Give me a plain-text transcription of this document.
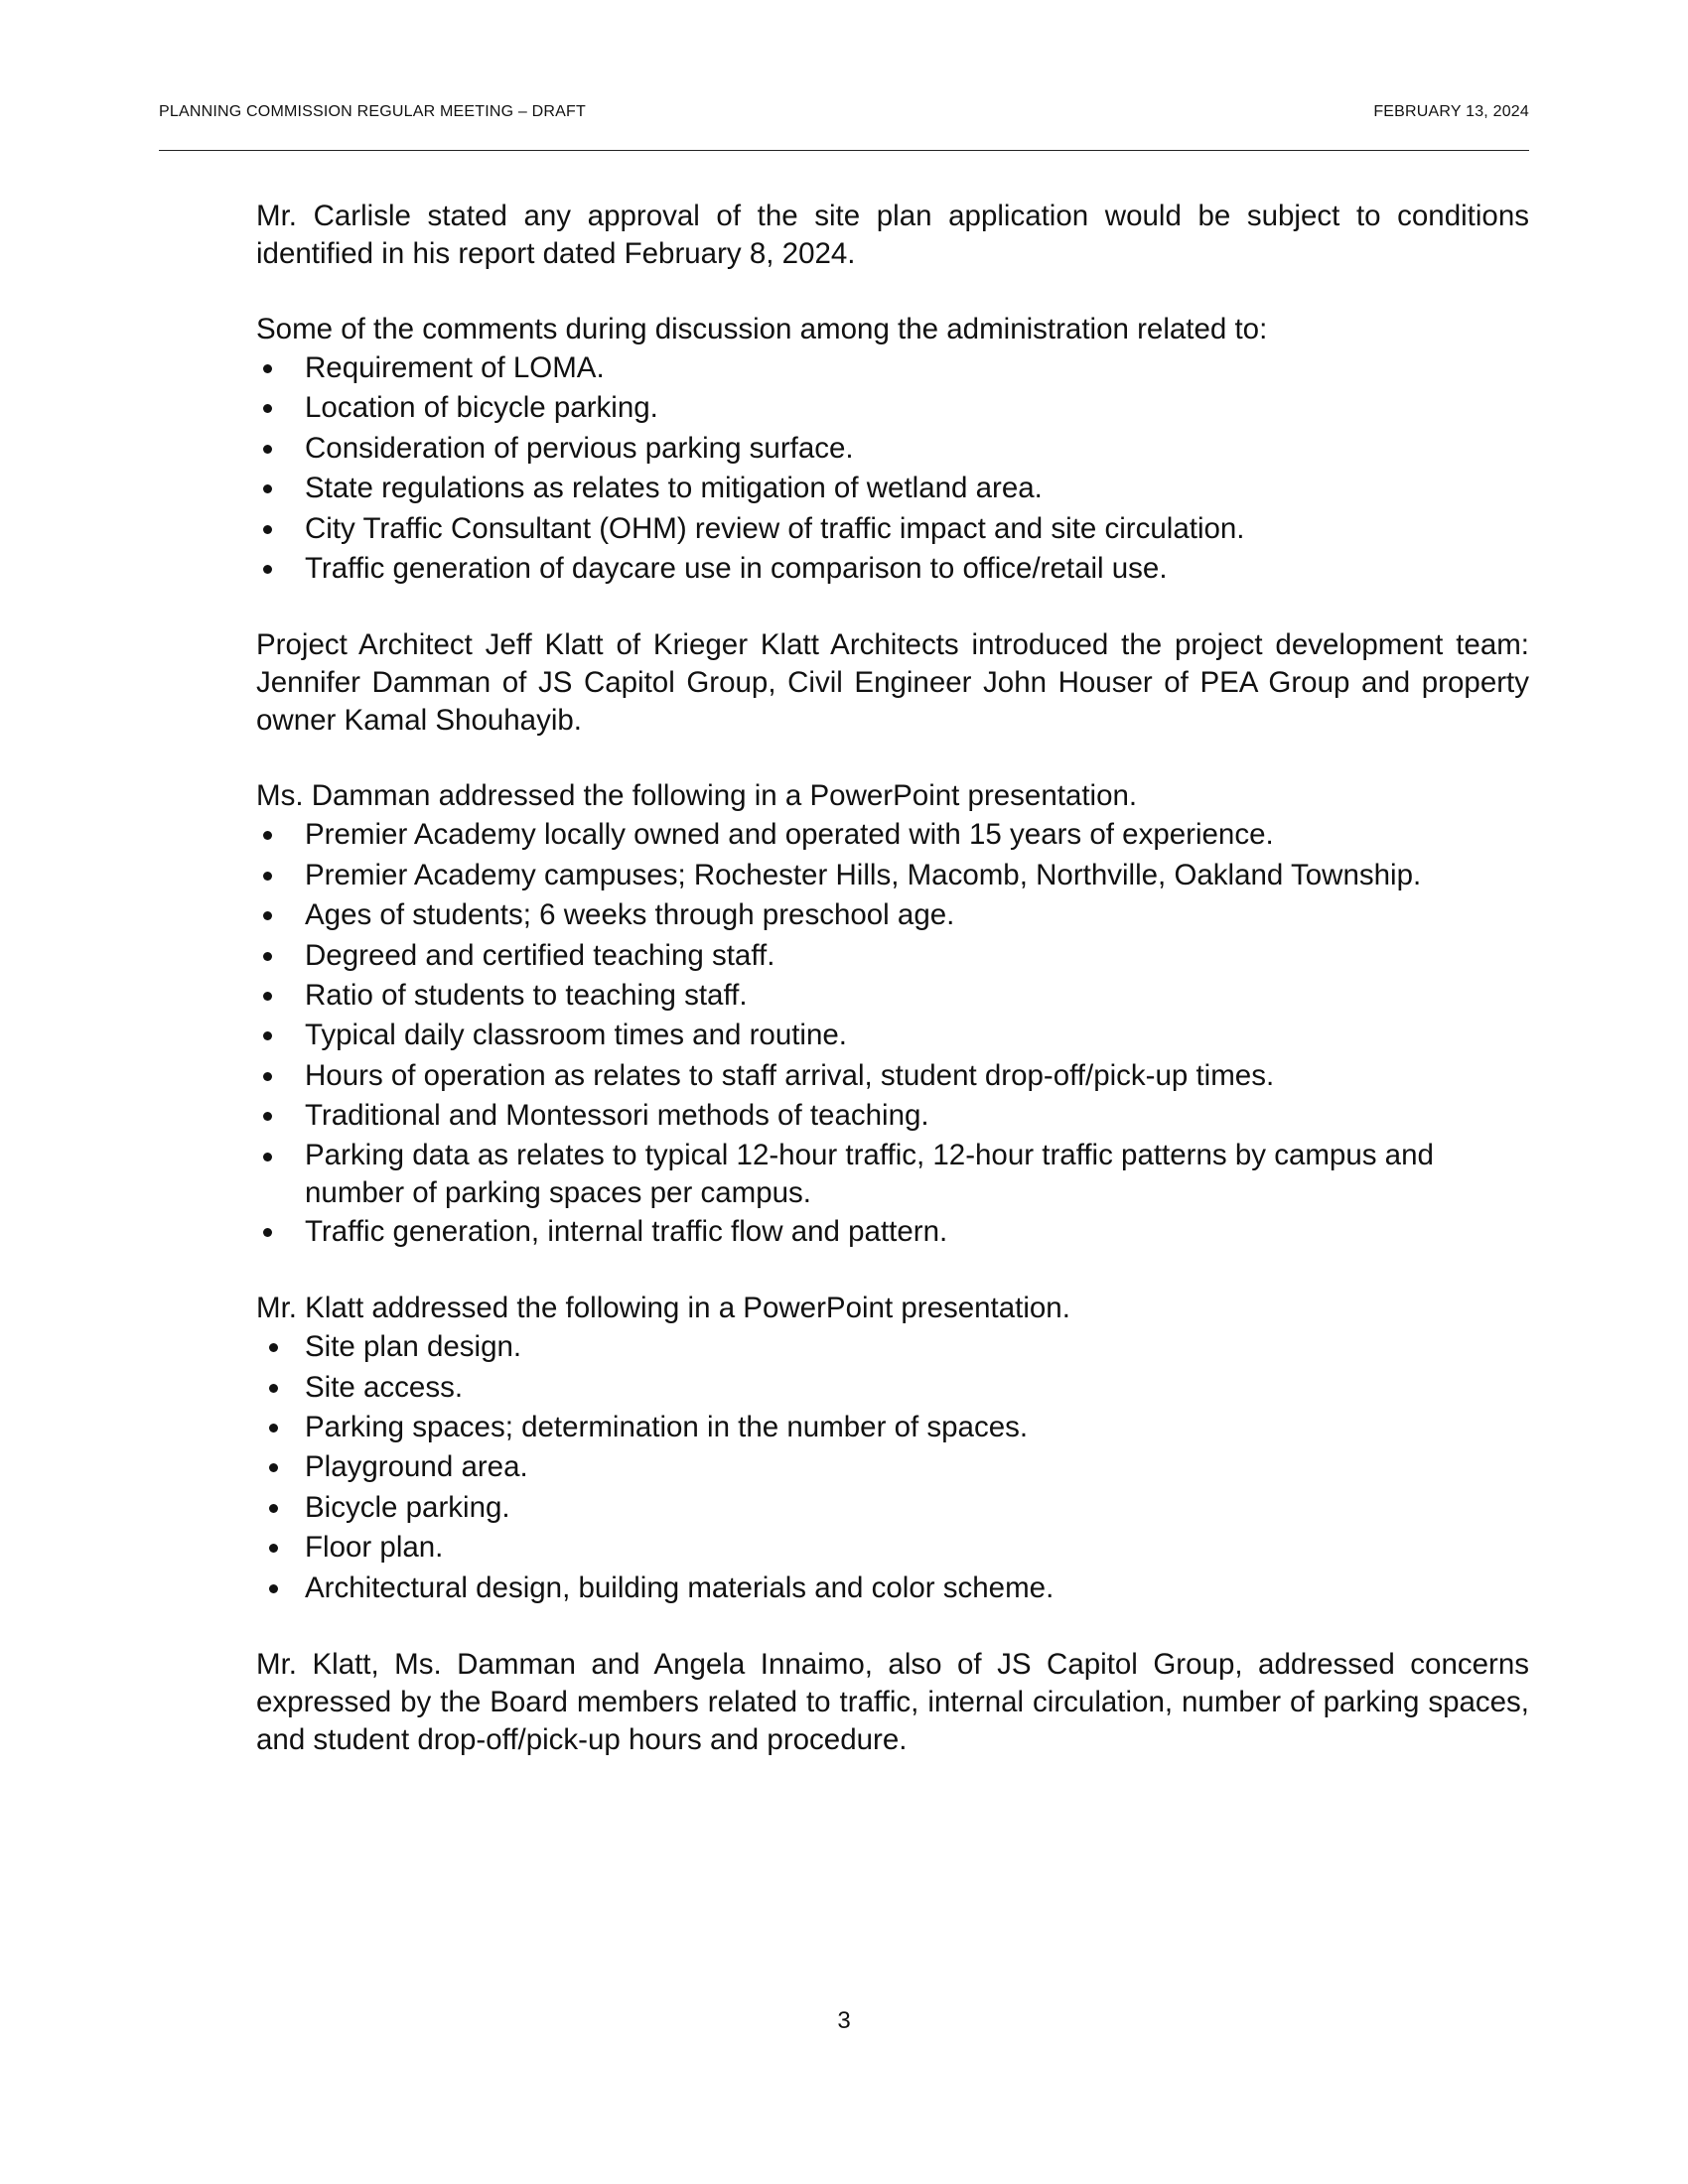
PLANNING COMMISSION REGULAR MEETING – DRAFT	FEBRUARY 13, 2024

Mr. Carlisle stated any approval of the site plan application would be subject to conditions identified in his report dated February 8, 2024.

Some of the comments during discussion among the administration related to:

Requirement of LOMA.
Location of bicycle parking.
Consideration of pervious parking surface.
State regulations as relates to mitigation of wetland area.
City Traffic Consultant (OHM) review of traffic impact and site circulation.
Traffic generation of daycare use in comparison to office/retail use.

Project Architect Jeff Klatt of Krieger Klatt Architects introduced the project development team: Jennifer Damman of JS Capitol Group, Civil Engineer John Houser of PEA Group and property owner Kamal Shouhayib.

Ms. Damman addressed the following in a PowerPoint presentation.

Premier Academy locally owned and operated with 15 years of experience.
Premier Academy campuses; Rochester Hills, Macomb, Northville, Oakland Township.
Ages of students; 6 weeks through preschool age.
Degreed and certified teaching staff.
Ratio of students to teaching staff.
Typical daily classroom times and routine.
Hours of operation as relates to staff arrival, student drop-off/pick-up times.
Traditional and Montessori methods of teaching.
Parking data as relates to typical 12-hour traffic, 12-hour traffic patterns by campus and number of parking spaces per campus.
Traffic generation, internal traffic flow and pattern.

Mr. Klatt addressed the following in a PowerPoint presentation.

Site plan design.
Site access.
Parking spaces; determination in the number of spaces.
Playground area.
Bicycle parking.
Floor plan.
Architectural design, building materials and color scheme.

Mr. Klatt, Ms. Damman and Angela Innaimo, also of JS Capitol Group, addressed concerns expressed by the Board members related to traffic, internal circulation, number of parking spaces, and student drop-off/pick-up hours and procedure.

3
